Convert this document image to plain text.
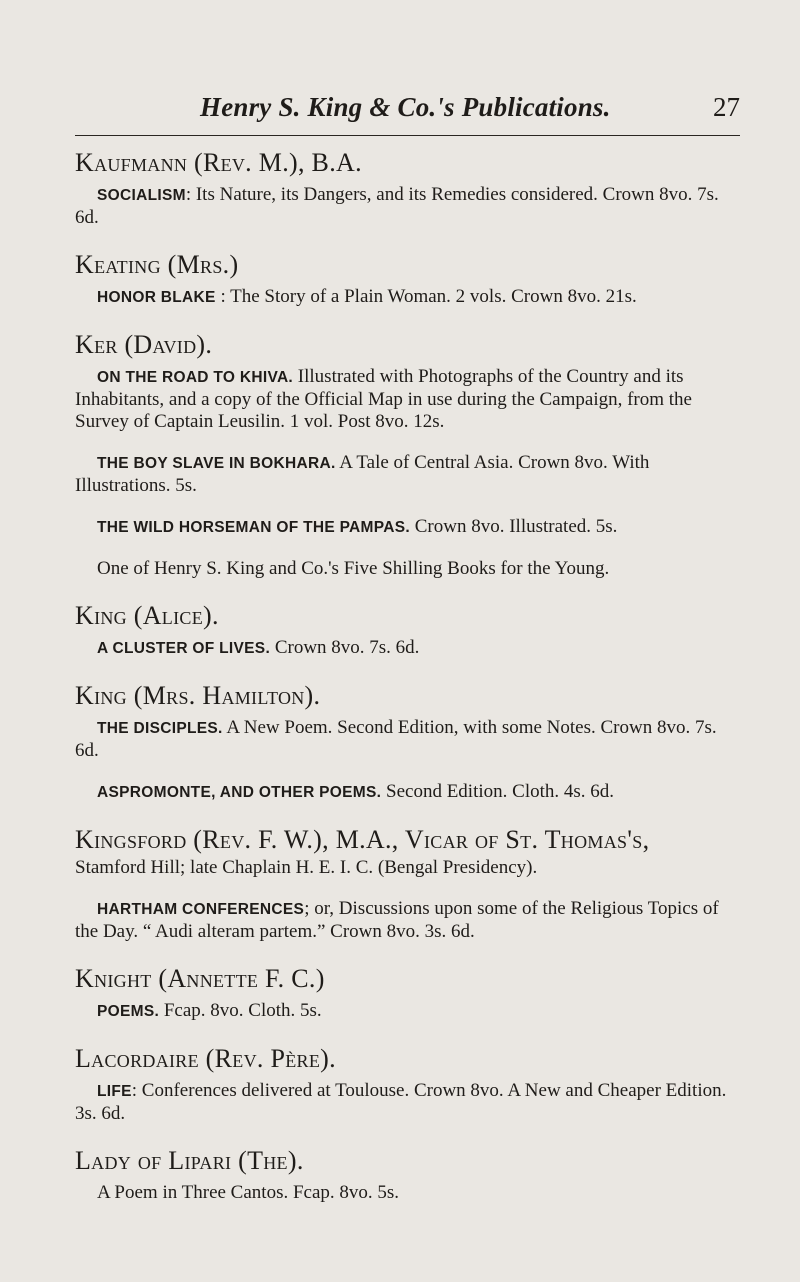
Henry S. King & Co.'s Publications.	27
Kaufmann (Rev. M.), B.A.

SOCIALISM: Its Nature, its Dangers, and its Remedies considered. Crown 8vo. 7s. 6d.

Keating (Mrs.)

HONOR BLAKE : The Story of a Plain Woman. 2 vols. Crown 8vo. 21s.

Ker (David).

ON THE ROAD TO KHIVA. Illustrated with Photographs of the Country and its Inhabitants, and a copy of the Official Map in use during the Campaign, from the Survey of Captain Leusilin. 1 vol. Post 8vo. 12s.

THE BOY SLAVE IN BOKHARA. A Tale of Central Asia. Crown 8vo. With Illustrations. 5s.

THE WILD HORSEMAN OF THE PAMPAS. Crown 8vo. Illustrated. 5s.

One of Henry S. King and Co.'s Five Shilling Books for the Young.

King (Alice).

A CLUSTER OF LIVES. Crown 8vo. 7s. 6d.

King (Mrs. Hamilton).

THE DISCIPLES. A New Poem. Second Edition, with some Notes. Crown 8vo. 7s. 6d.

ASPROMONTE, AND OTHER POEMS. Second Edition. Cloth. 4s. 6d.

Kingsford (Rev. F. W.), M.A., Vicar of St. Thomas's,

Stamford Hill; late Chaplain H. E. I. C. (Bengal Presidency).

HARTHAM CONFERENCES; or, Discussions upon some of the Religious Topics of the Day. “ Audi alteram partem.” Crown 8vo. 3s. 6d.

Knight (Annette F. C.)

POEMS. Fcap. 8vo. Cloth. 5s.

Lacordaire (Rev. Père).

LIFE: Conferences delivered at Toulouse. Crown 8vo. A New and Cheaper Edition. 3s. 6d.

Lady of Lipari (The).

A Poem in Three Cantos. Fcap. 8vo. 5s.
